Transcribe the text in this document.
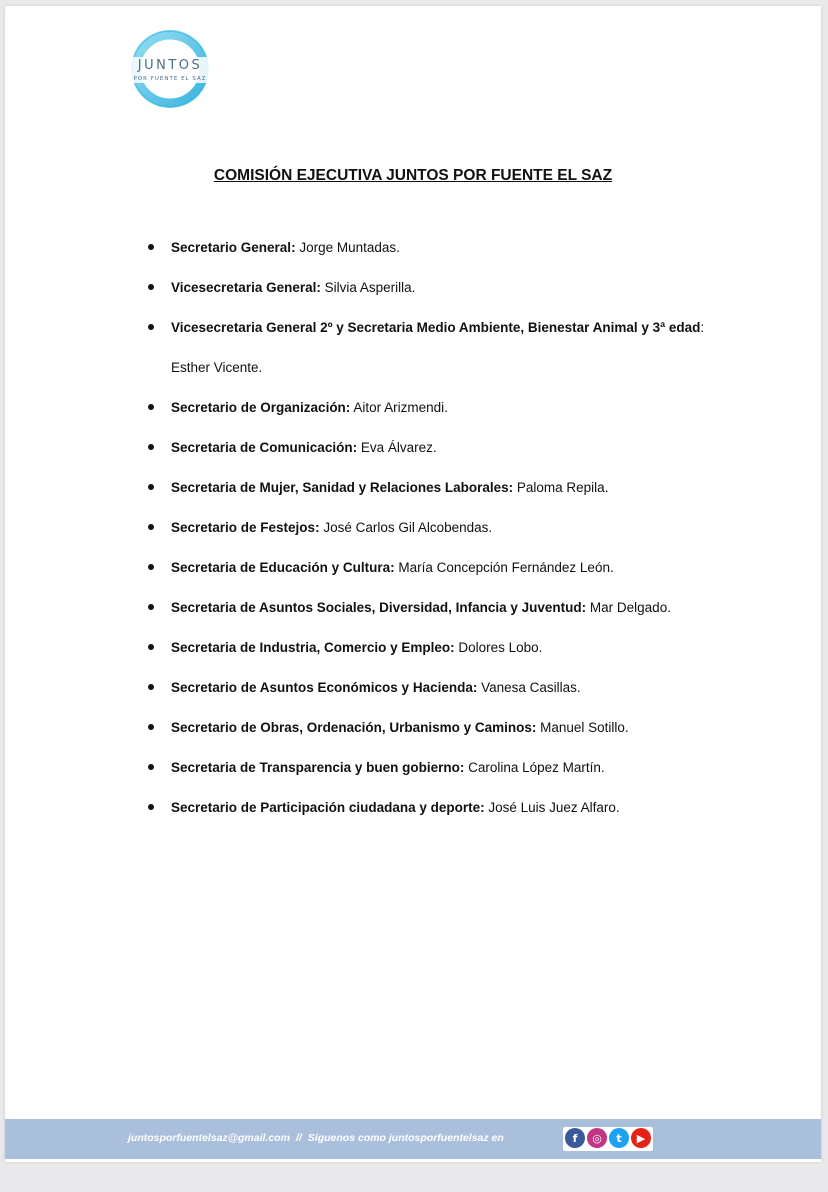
JUNTOS
POR FUENTE EL SAZ
COMISIÓN EJECUTIVA JUNTOS POR FUENTE EL SAZ
Secretario General: Jorge Muntadas.
Vicesecretaria General: Silvia Asperilla.
Vicesecretaria General 2º y Secretaria Medio Ambiente, Bienestar Animal y 3ª edad: Esther Vicente.
Secretario de Organización: Aitor Arizmendi.
Secretaria de Comunicación: Eva Álvarez.
Secretaria de Mujer, Sanidad y Relaciones Laborales: Paloma Repila.
Secretario de Festejos: José Carlos Gil Alcobendas.
Secretaria de Educación y Cultura: María Concepción Fernández León.
Secretaria de Asuntos Sociales, Diversidad, Infancia y Juventud: Mar Delgado.
Secretaria de Industria, Comercio y Empleo: Dolores Lobo.
Secretario de Asuntos Económicos y Hacienda: Vanesa Casillas.
Secretario de Obras, Ordenación, Urbanismo y Caminos: Manuel Sotillo.
Secretaria de Transparencia y buen gobierno: Carolina López Martín.
Secretario de Participación ciudadana y deporte: José Luis Juez Alfaro.
juntosporfuentelsaz@gmail.com // Síguenos como juntosporfuentelsaz en	f	◎	t	▶
